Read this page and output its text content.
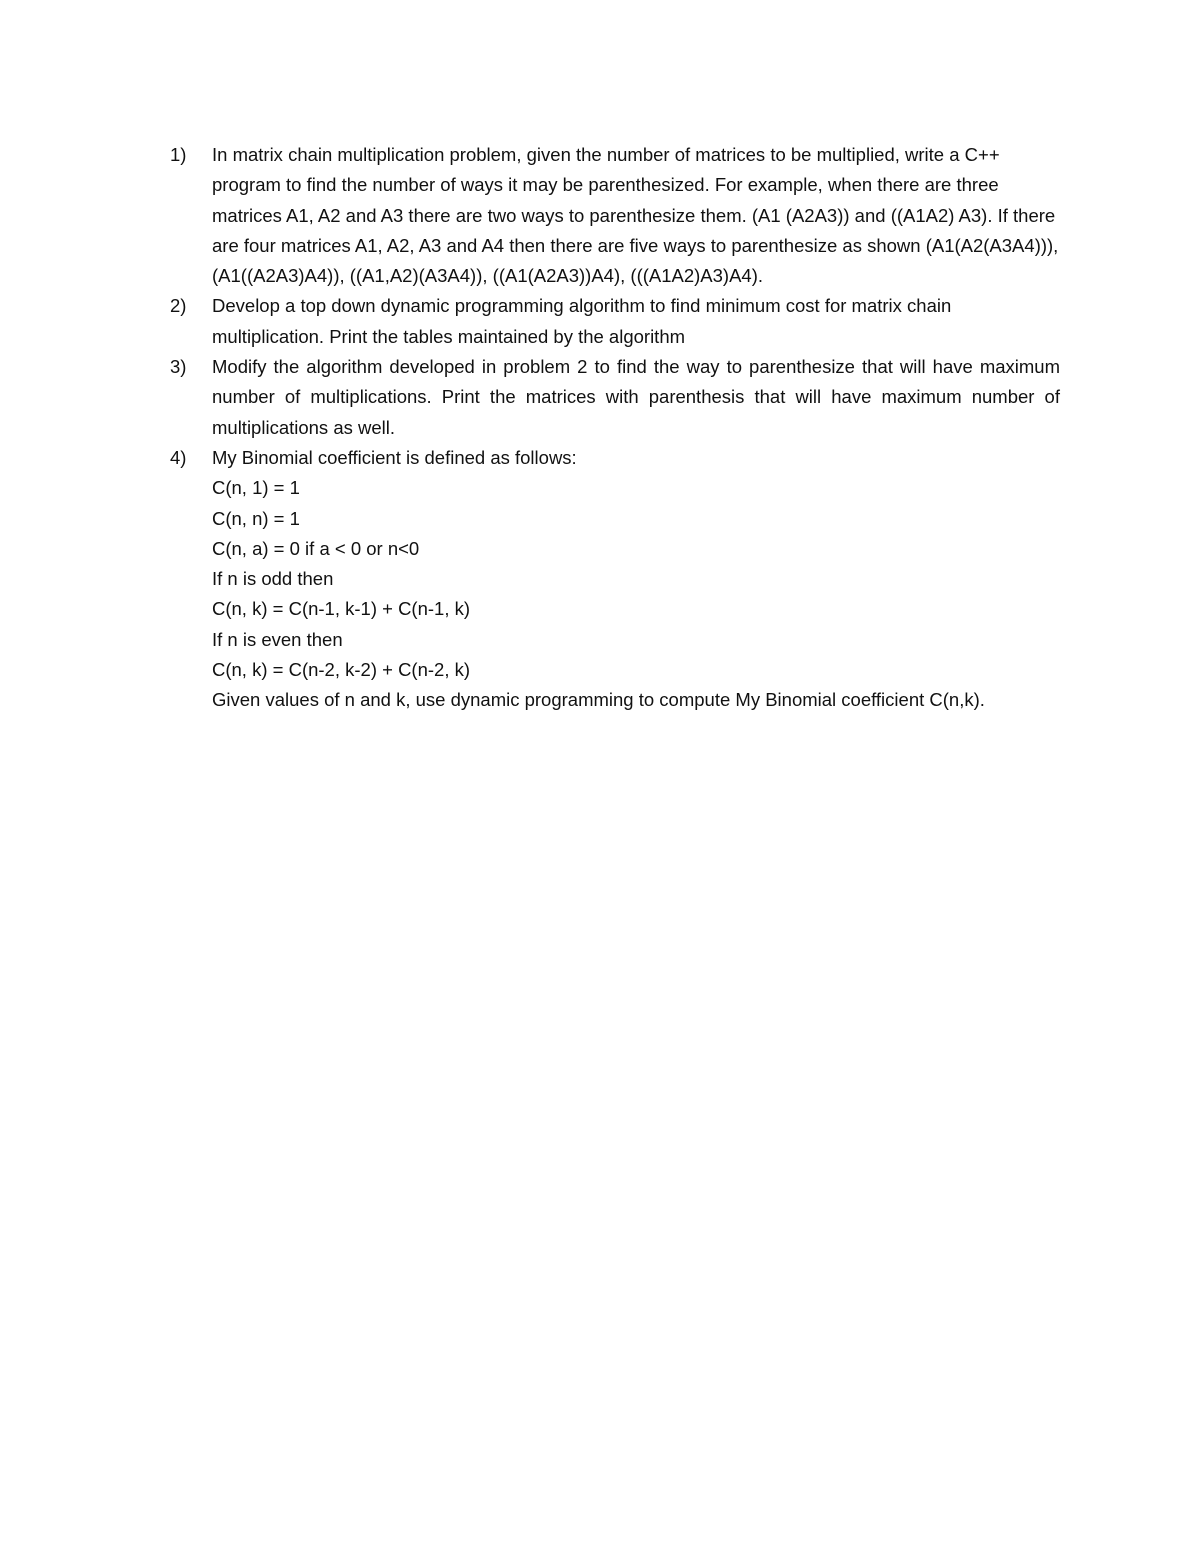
1)	In matrix chain multiplication problem, given the number of matrices to be multiplied, write a C++ program to find the number of ways it may be parenthesized. For example, when there are three matrices A1, A2 and A3 there are two ways to parenthesize them. (A1 (A2A3)) and ((A1A2) A3). If there are four matrices A1, A2, A3 and A4 then there are five ways to parenthesize as shown (A1(A2(A3A4))), (A1((A2A3)A4)), ((A1,A2)(A3A4)), ((A1(A2A3))A4), (((A1A2)A3)A4).
2)	Develop a top down dynamic programming algorithm to find minimum cost for matrix chain multiplication. Print the tables maintained by the algorithm
3)	Modify the algorithm developed in problem 2 to find the way to parenthesize that will have maximum number of multiplications. Print the matrices with parenthesis that will have maximum number of multiplications as well.
4)	My Binomial coefficient is defined as follows:
C(n, 1) = 1
C(n, n) = 1
C(n, a) = 0 if a < 0 or n<0
If n is odd then
C(n, k) = C(n-1, k-1) + C(n-1, k)
If n is even then
C(n, k) = C(n-2, k-2) + C(n-2, k)
Given values of n and k, use dynamic programming to compute My Binomial coefficient C(n,k).
